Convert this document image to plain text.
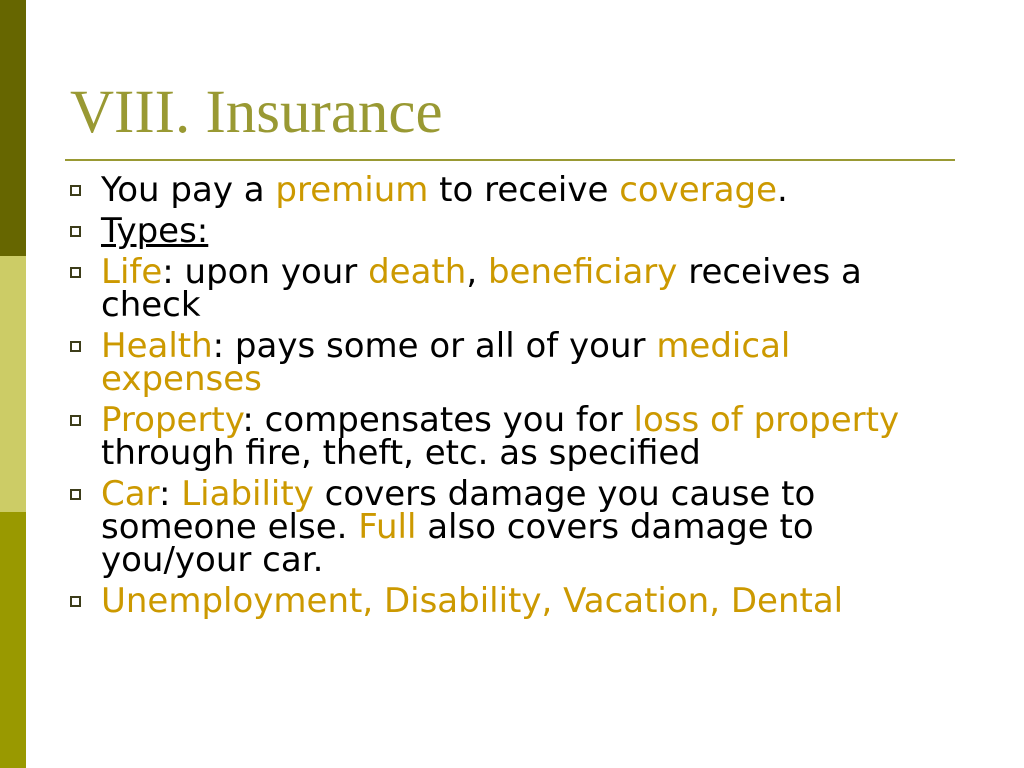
VIII. Insurance
You pay a premium to receive coverage.
Types:
Life: upon your death, beneficiary receives a check
Health: pays some or all of your medical expenses
Property: compensates you for loss of property through fire, theft, etc. as specified
Car: Liability covers damage you cause to someone else. Full also covers damage to you/your car.
Unemployment, Disability, Vacation, Dental
